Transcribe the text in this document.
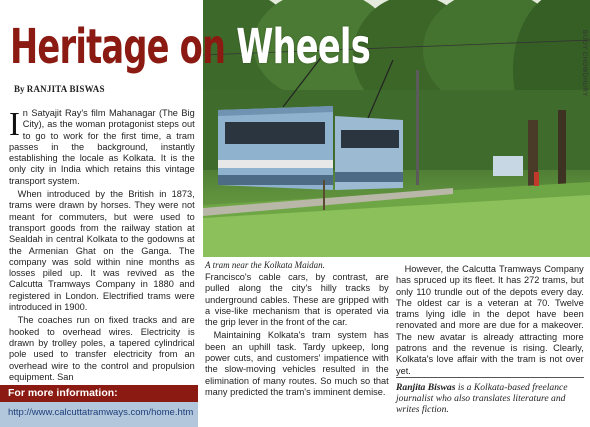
BIJOY CHOWDHURY
Heritage on Wheels
By RANJITA BISWAS

In Satyajit Ray's film Mahanagar (The Big City), as the woman protagonist steps out to go to work for the first time, a tram passes in the background, instantly establishing the locale as Kolkata. It is the only city in India which retains this vintage transport system.

When introduced by the British in 1873, trams were drawn by horses. They were not meant for commuters, but were used to transport goods from the railway station at Sealdah in central Kolkata to the godowns at the Armenian Ghat on the Ganga. The company was sold within nine months as losses piled up. It was revived as the Calcutta Tramways Company in 1880 and registered in London. Electrified trams were introduced in 1900.

The coaches run on fixed tracks and are hooked to overhead wires. Electricity is drawn by trolley poles, a tapered cylindrical pole used to transfer electricity from an overhead wire to the control and propulsion equipment. San

A tram near the Kolkata Maidan.

Francisco's cable cars, by contrast, are pulled along the city's hilly tracks by underground cables. These are gripped with a vise-like mechanism that is operated via the grip lever in the front of the car.

Maintaining Kolkata's tram system has been an uphill task. Tardy upkeep, long power cuts, and customers' impatience with the slow-moving vehicles resulted in the elimination of many routes. So much so that many predicted the tram's imminent demise.

However, the Calcutta Tramways Company has spruced up its fleet. It has 272 trams, but only 110 trundle out of the depots every day. The oldest car is a veteran at 70. Twelve trams lying idle in the depot have been renovated and more are due for a makeover. The new avatar is already attracting more patrons and the revenue is rising. Clearly, Kolkata's love affair with the tram is not over yet.

Ranjita Biswas is a Kolkata-based freelance journalist who also translates literature and writes fiction.
For more information:
http://www.calcuttatramways.com/home.htm
